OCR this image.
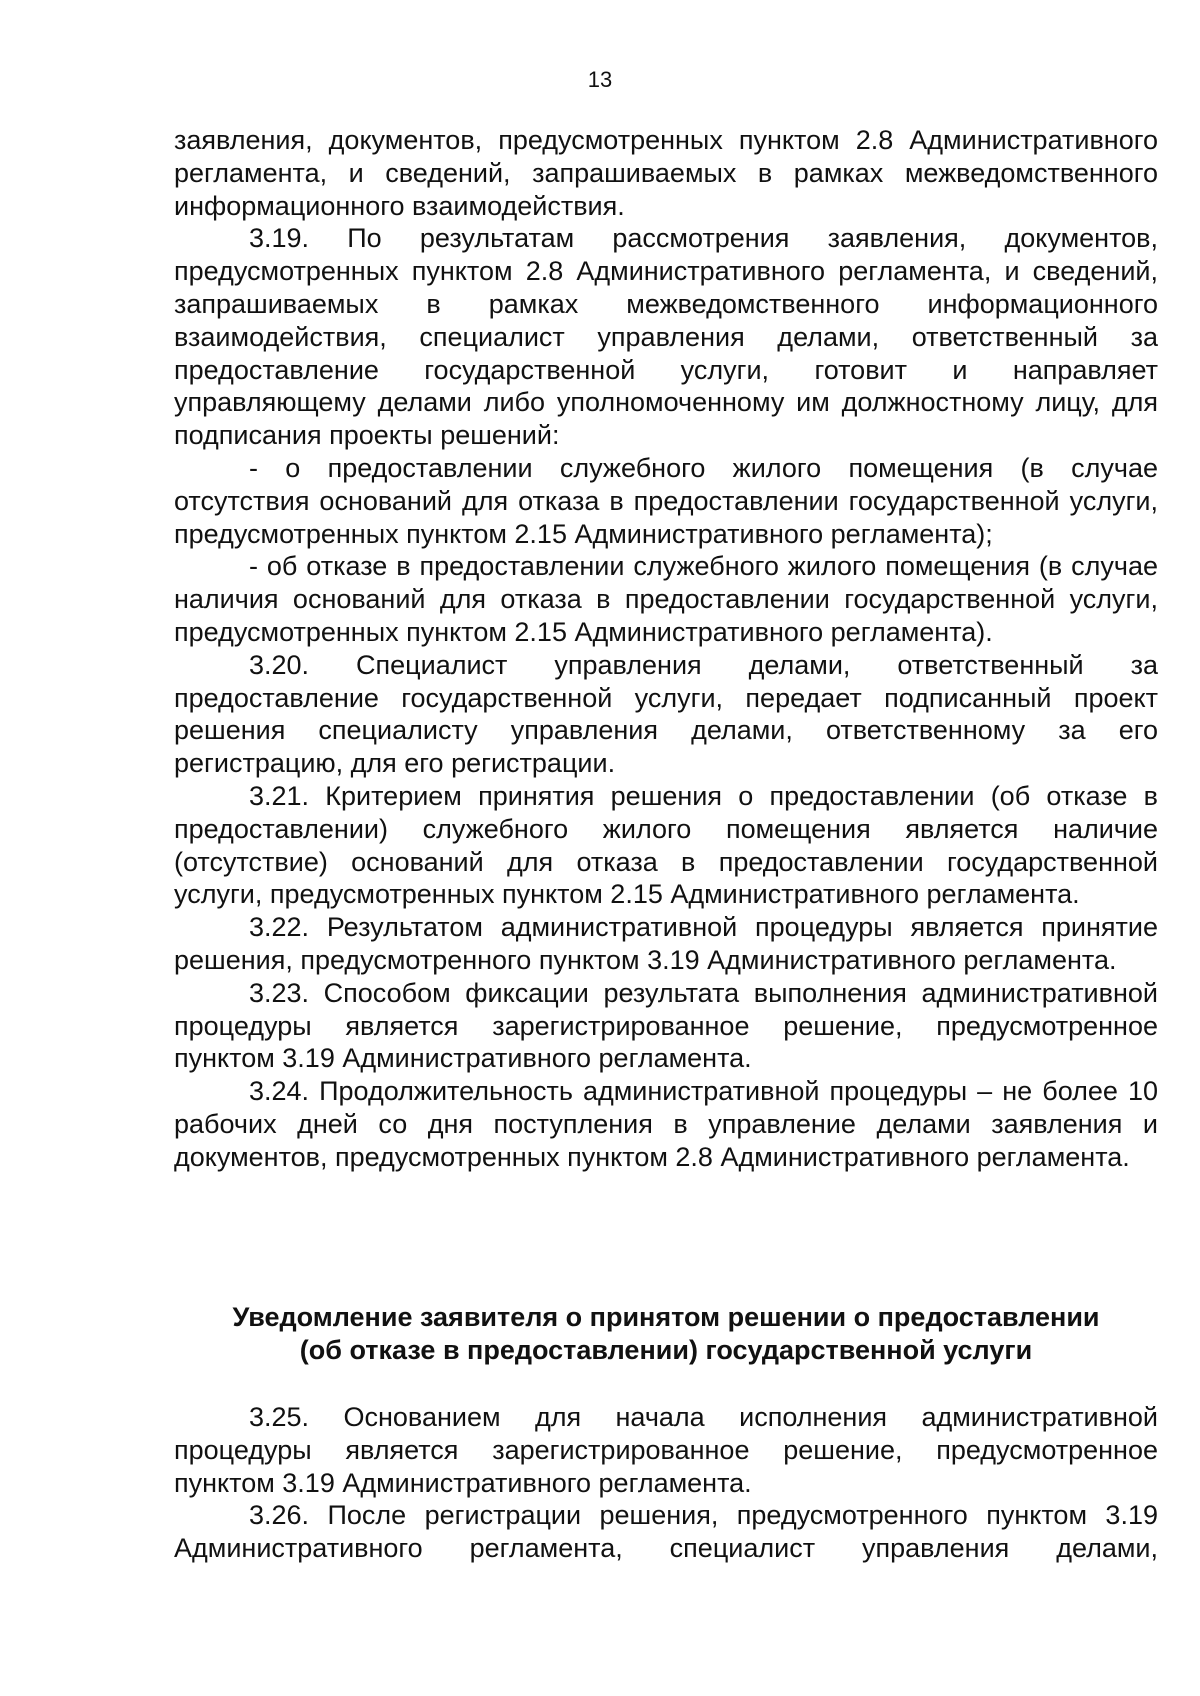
13

заявления, документов, предусмотренных пунктом 2.8 Административного регламента, и сведений, запрашиваемых в рамках межведомственного информационного взаимодействия.

3.19. По результатам рассмотрения заявления, документов, предусмотренных пунктом 2.8 Административного регламента, и сведений, запрашиваемых в рамках межведомственного информационного взаимодействия, специалист управления делами, ответственный за предоставление государственной услуги, готовит и направляет управляющему делами либо уполномоченному им должностному лицу, для подписания проекты решений:

- о предоставлении служебного жилого помещения (в случае отсутствия оснований для отказа в предоставлении государственной услуги, предусмотренных пунктом 2.15 Административного регламента);

- об отказе в предоставлении служебного жилого помещения (в случае наличия оснований для отказа в предоставлении государственной услуги, предусмотренных пунктом 2.15 Административного регламента).

3.20. Специалист управления делами, ответственный за предоставление государственной услуги, передает подписанный проект решения специалисту управления делами, ответственному за его регистрацию, для его регистрации.

3.21. Критерием принятия решения о предоставлении (об отказе в предоставлении) служебного жилого помещения является наличие (отсутствие) оснований для отказа в предоставлении государственной услуги, предусмотренных пунктом 2.15 Административного регламента.

3.22. Результатом административной процедуры является принятие решения, предусмотренного пунктом 3.19 Административного регламента.

3.23. Способом фиксации результата выполнения административной процедуры является зарегистрированное решение, предусмотренное пунктом 3.19 Административного регламента.

3.24. Продолжительность административной процедуры – не более 10 рабочих дней со дня поступления в управление делами заявления и документов, предусмотренных пунктом 2.8 Административного регламента.

Уведомление заявителя о принятом решении о предоставлении
(об отказе в предоставлении) государственной услуги

3.25. Основанием для начала исполнения административной процедуры является зарегистрированное решение, предусмотренное пунктом 3.19 Административного регламента.

3.26. После регистрации решения, предусмотренного пунктом 3.19 Административного регламента, специалист управления делами,
